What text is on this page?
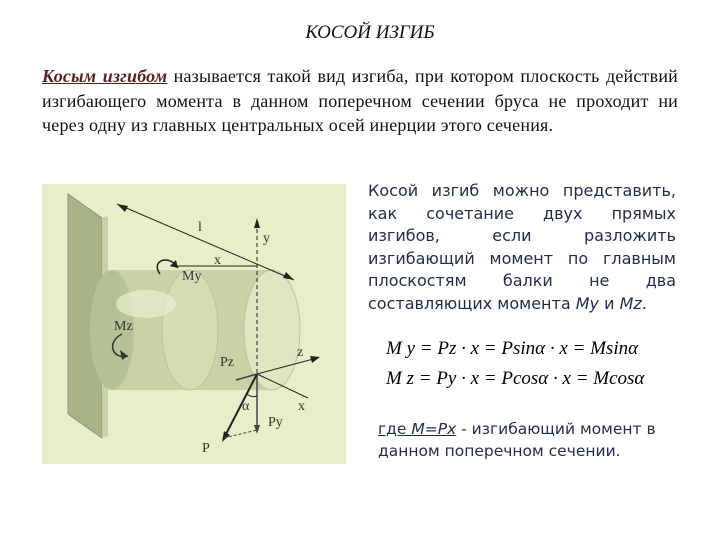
КОСОЙ ИЗГИБ
Косым изгибом называется такой вид изгиба, при котором плоскость действий изгибающего момента в данном поперечном сечении бруса не проходит ни через одну из главных центральных осей инерции этого сечения.
l
y
x
My
Mz
z
x
Pz
Py
P
α
Косой изгиб можно представить, как сочетание двух прямых изгибов, если разложить изгибающий момент по главным плоскостям балки не два составляющих момента My и Mz.
M y = Pz · x = Psinα · x = Msinα
M z = Py · x = Pcosα · x = Mcosα
где M=Px - изгибающий момент в данном поперечном сечении.
